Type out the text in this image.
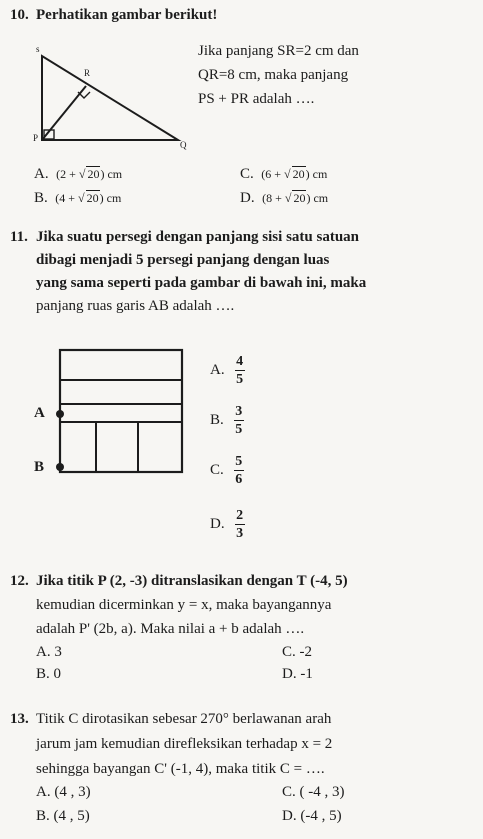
10. Perhatikan gambar berikut!
s
R
P
Q
Jika panjang SR=2 cm dan
QR=8 cm, maka panjang
PS + PR adalah ….
A. (2 + √ 20) cm
B. (4 + √ 20) cm
C. (6 + √ 20) cm
D. (8 + √ 20) cm
11. Jika suatu persegi dengan panjang sisi satu satuan
dibagi menjadi 5 persegi panjang dengan luas
yang sama seperti pada gambar di bawah ini, maka
panjang ruas garis AB adalah ….
A
B
A. $\frac{4}{5}$
B. $\frac{3}{5}$
C. $\frac{5}{6}$
D. $\frac{2}{3}$
12. Jika titik P (2, -3) ditranslasikan dengan T (-4, 5)
kemudian dicerminkan y = x, maka bayangannya
adalah P' (2b, a). Maka nilai a + b adalah ….
A. 3
B. 0
C. -2
D. -1
13. Titik C dirotasikan sebesar 270° berlawanan arah
jarum jam kemudian direfleksikan terhadap x = 2
sehingga bayangan C' (-1, 4), maka titik C = ….
A. (4 , 3)
B. (4 , 5)
C. ( -4 , 3)
D. (-4 , 5)
